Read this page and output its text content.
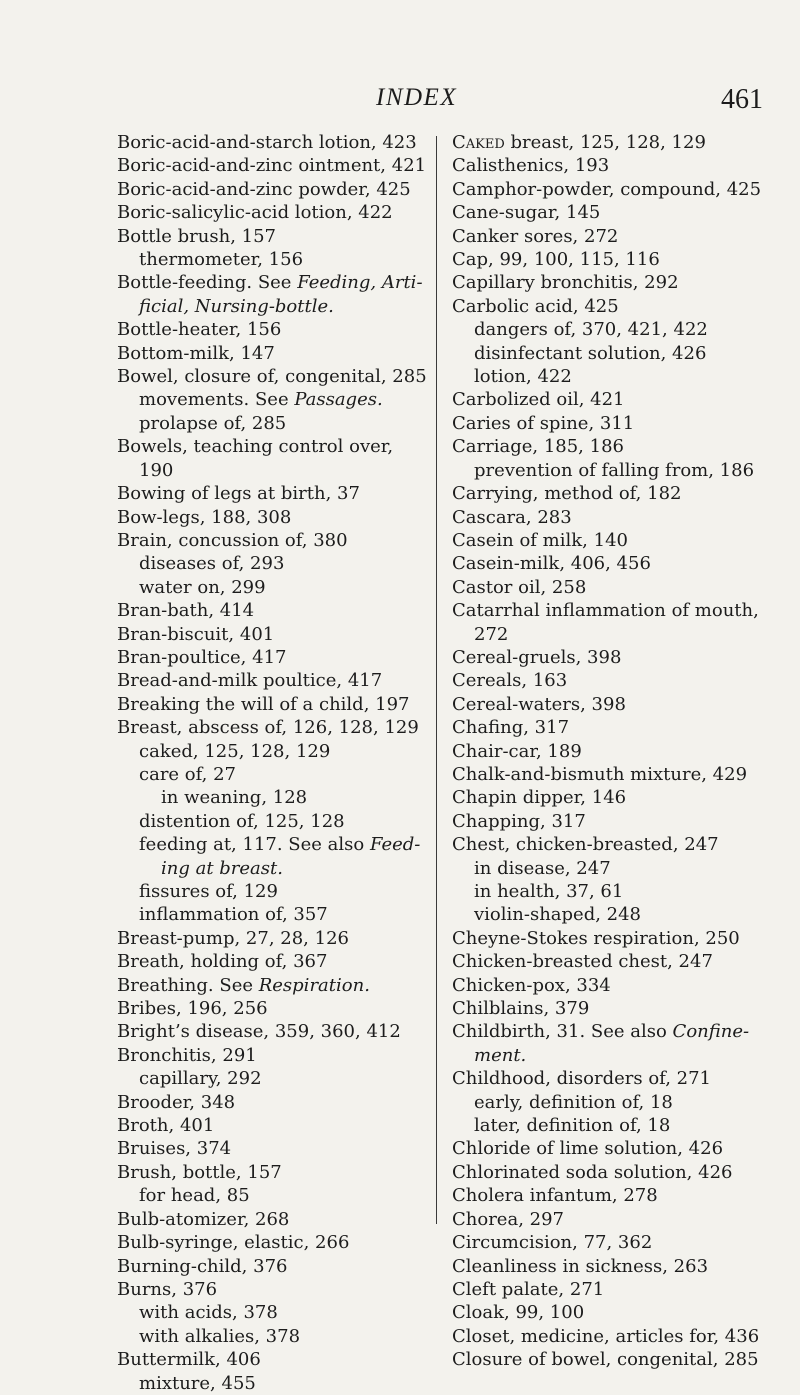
INDEX	461
Boric-acid-and-starch lotion, 423
Boric-acid-and-zinc ointment, 421
Boric-acid-and-zinc powder, 425
Boric-salicylic-acid lotion, 422
Bottle brush, 157
thermometer, 156
Bottle-feeding. See Feeding, Artificial, Nursing-bottle.
Bottle-heater, 156
Bottom-milk, 147
Bowel, closure of, congenital, 285
movements. See Passages.
prolapse of, 285
Bowels, teaching control over, 190
Bowing of legs at birth, 37
Bow-legs, 188, 308
Brain, concussion of, 380
diseases of, 293
water on, 299
Bran-bath, 414
Bran-biscuit, 401
Bran-poultice, 417
Bread-and-milk poultice, 417
Breaking the will of a child, 197
Breast, abscess of, 126, 128, 129
caked, 125, 128, 129
care of, 27
in weaning, 128
distention of, 125, 128
feeding at, 117. See also Feeding at breast.
fissures of, 129
inflammation of, 357
Breast-pump, 27, 28, 126
Breath, holding of, 367
Breathing. See Respiration.
Bribes, 196, 256
Bright’s disease, 359, 360, 412
Bronchitis, 291
capillary, 292
Brooder, 348
Broth, 401
Bruises, 374
Brush, bottle, 157
for head, 85
Bulb-atomizer, 268
Bulb-syringe, elastic, 266
Burning-child, 376
Burns, 376
with acids, 378
with alkalies, 378
Buttermilk, 406
mixture, 455
Caked breast, 125, 128, 129
Calisthenics, 193
Camphor-powder, compound, 425
Cane-sugar, 145
Canker sores, 272
Cap, 99, 100, 115, 116
Capillary bronchitis, 292
Carbolic acid, 425
dangers of, 370, 421, 422
disinfectant solution, 426
lotion, 422
Carbolized oil, 421
Caries of spine, 311
Carriage, 185, 186
prevention of falling from, 186
Carrying, method of, 182
Cascara, 283
Casein of milk, 140
Casein-milk, 406, 456
Castor oil, 258
Catarrhal inflammation of mouth, 272
Cereal-gruels, 398
Cereals, 163
Cereal-waters, 398
Chafing, 317
Chair-car, 189
Chalk-and-bismuth mixture, 429
Chapin dipper, 146
Chapping, 317
Chest, chicken-breasted, 247
in disease, 247
in health, 37, 61
violin-shaped, 248
Cheyne-Stokes respiration, 250
Chicken-breasted chest, 247
Chicken-pox, 334
Chilblains, 379
Childbirth, 31. See also Confinement.
Childhood, disorders of, 271
early, definition of, 18
later, definition of, 18
Chloride of lime solution, 426
Chlorinated soda solution, 426
Cholera infantum, 278
Chorea, 297
Circumcision, 77, 362
Cleanliness in sickness, 263
Cleft palate, 271
Cloak, 99, 100
Closet, medicine, articles for, 436
Closure of bowel, congenital, 285
